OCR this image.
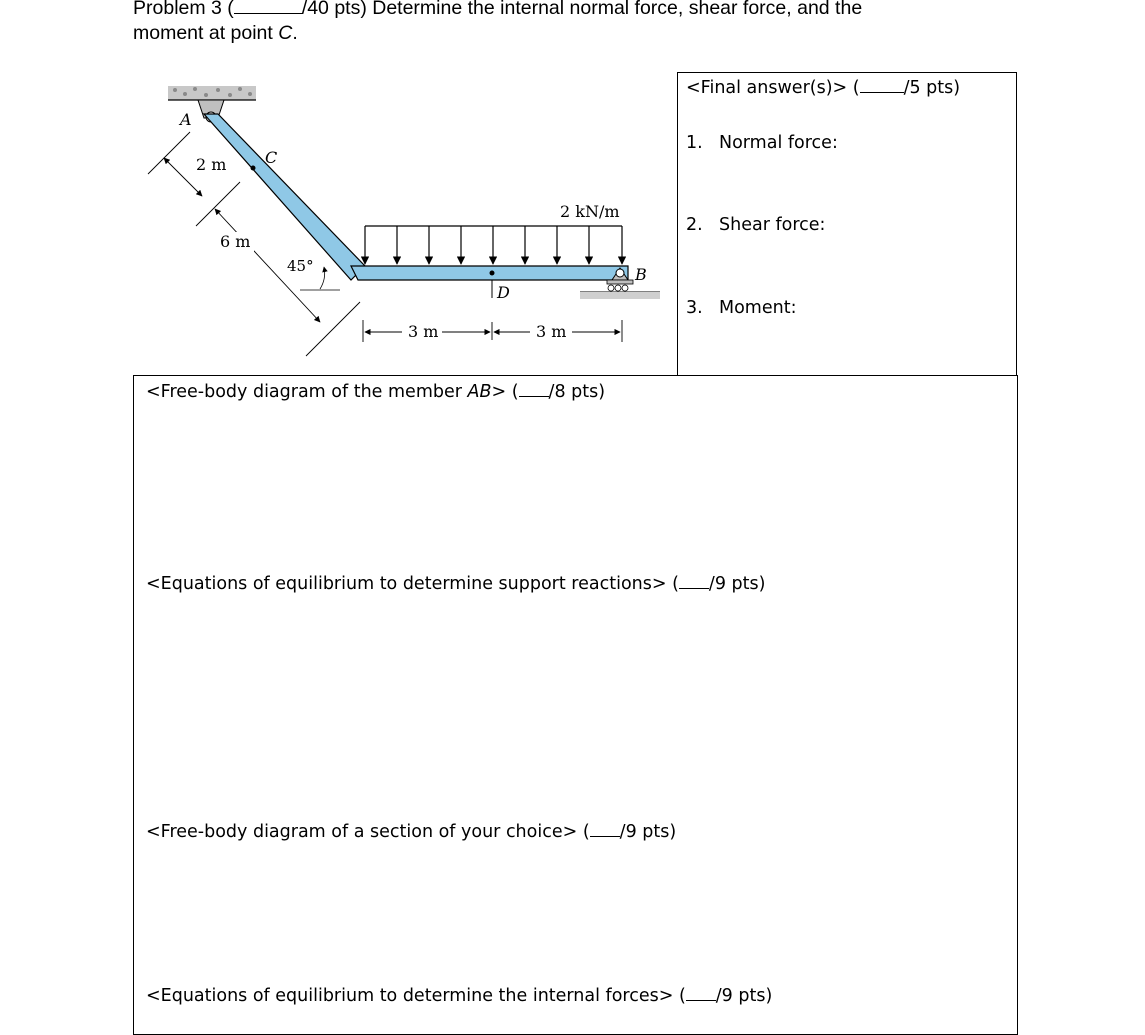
Problem 3 (	/40 pts) Determine the internal normal force, shear force, and the
moment at point C.
A
C
D
B
2 kN/m
2 m
6 m
45°
3 m	3 m
<Final answer(s)> (	/5 pts)
1. Normal force:
2. Shear force:
3. Moment:
<Free-body diagram of the member AB> ( /8 pts)
<Equations of equilibrium to determine support reactions> ( /9 pts)
<Free-body diagram of a section of your choice> ( /9 pts)
<Equations of equilibrium to determine the internal forces> ( /9 pts)
